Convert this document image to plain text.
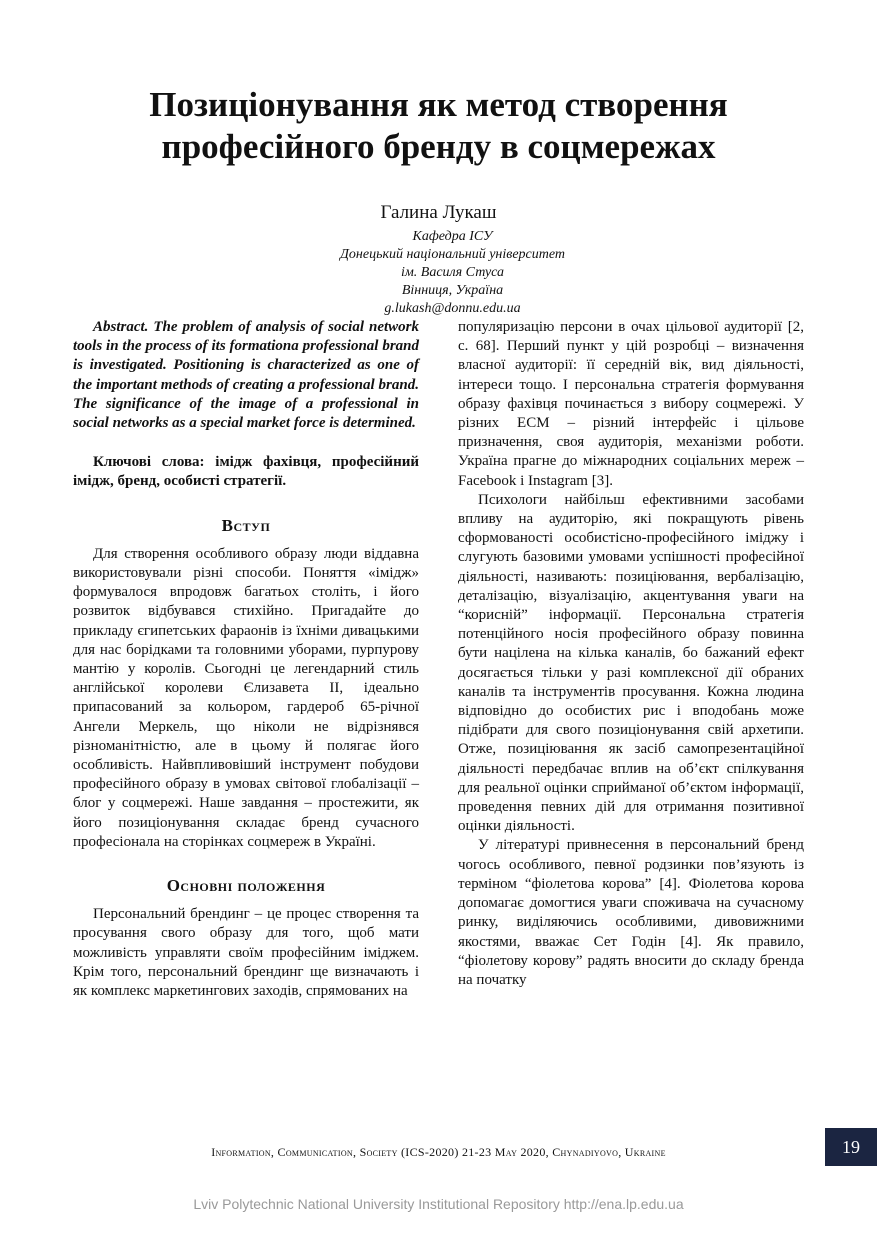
Позиціонування як метод створення професійного бренду в соцмережах
Галина Лукаш
Кафедра ІСУ
Донецький національний університет
ім. Василя Стуса
Вінниця, Україна
g.lukash@donnu.edu.ua

Abstract. The problem of analysis of social network tools in the process of its formationa professional brand is investigated. Positioning is characterized as one of the important methods of creating a professional brand. The significance of the image of a professional in social networks as a special market force is determined.

Ключові слова: імідж фахівця, професійний імідж, бренд, особисті стратегії.

Вступ

Для створення особливого образу люди віддавна використовували різні способи. Поняття «імідж» формувалося впродовж багатьох століть, і його розвиток відбувався стихійно. Пригадайте до прикладу єгипетських фараонів із їхніми дивацькими для нас борідками та головними уборами, пурпурову мантію у королів. Сьогодні це легендарний стиль англійської королеви Єлизавета ІІ, ідеально припасований за кольором, гардероб 65-річної Ангели Меркель, що ніколи не відрізнявся різноманітністю, але в цьому й полягає його особливість. Найвпливовіший інструмент побудови професійного образу в умовах світової глобалізації – блог у соцмережі. Наше завдання – простежити, як його позиціонування складає бренд сучасного професіонала на сторінках соцмереж в Україні.

Основні положення

Персональний брендинг – це процес створення та просування свого образу для того, щоб мати можливість управляти своїм професійним іміджем. Крім того, персональний брендинг ще визначають і як комплекс маркетингових заходів, спрямованих на

популяризацію персони в очах цільової аудиторії [2, с. 68]. Перший пункт у цій розробці – визначення власної аудиторії: її середній вік, вид діяльності, інтереси тощо. І персональна стратегія формування образу фахівця починається з вибору соцмережі. У різних ЕСМ – різний інтерфейс і цільове призначення, своя аудиторія, механізми роботи. Україна прагне до міжнародних соціальних мереж – Facebook і Instagram [3].

Психологи найбільш ефективними засобами впливу на аудиторію, які покращують рівень сформованості особистісно-професійного іміджу і слугують базовими умовами успішності професійної діяльності, називають: позиціювання, вербалізацію, деталізацію, візуалізацію, акцентування уваги на “корисній” інформації. Персональна стратегія потенційного носія професійного образу повинна бути націлена на кілька каналів, бо бажаний ефект досягається тільки у разі комплексної дії обраних каналів та інструментів просування. Кожна людина відповідно до особистих рис і вподобань може підібрати для свого позиціонування свій архетипи. Отже, позиціювання як засіб самопрезентаційної діяльності передбачає вплив на об’єкт спілкування для реальної оцінки сприйманої об’єктом інформації, проведення певних дій для отримання позитивної оцінки діяльності.

У літературі привнесення в персональний бренд чогось особливого, певної родзинки пов’язують із терміном “фіолетова корова” [4]. Фіолетова корова допомагає домогтися уваги споживача на сучасному ринку, виділяючись особливими, дивовижними якостями, вважає Сет Годін [4]. Як правило, “фіолетову корову” радять вносити до складу бренда на початку

Information, Communication, Society (ICS-2020) 21-23 May 2020, Chynadiyovo, Ukraine	19
Lviv Polytechnic National University Institutional Repository http://ena.lp.edu.ua
